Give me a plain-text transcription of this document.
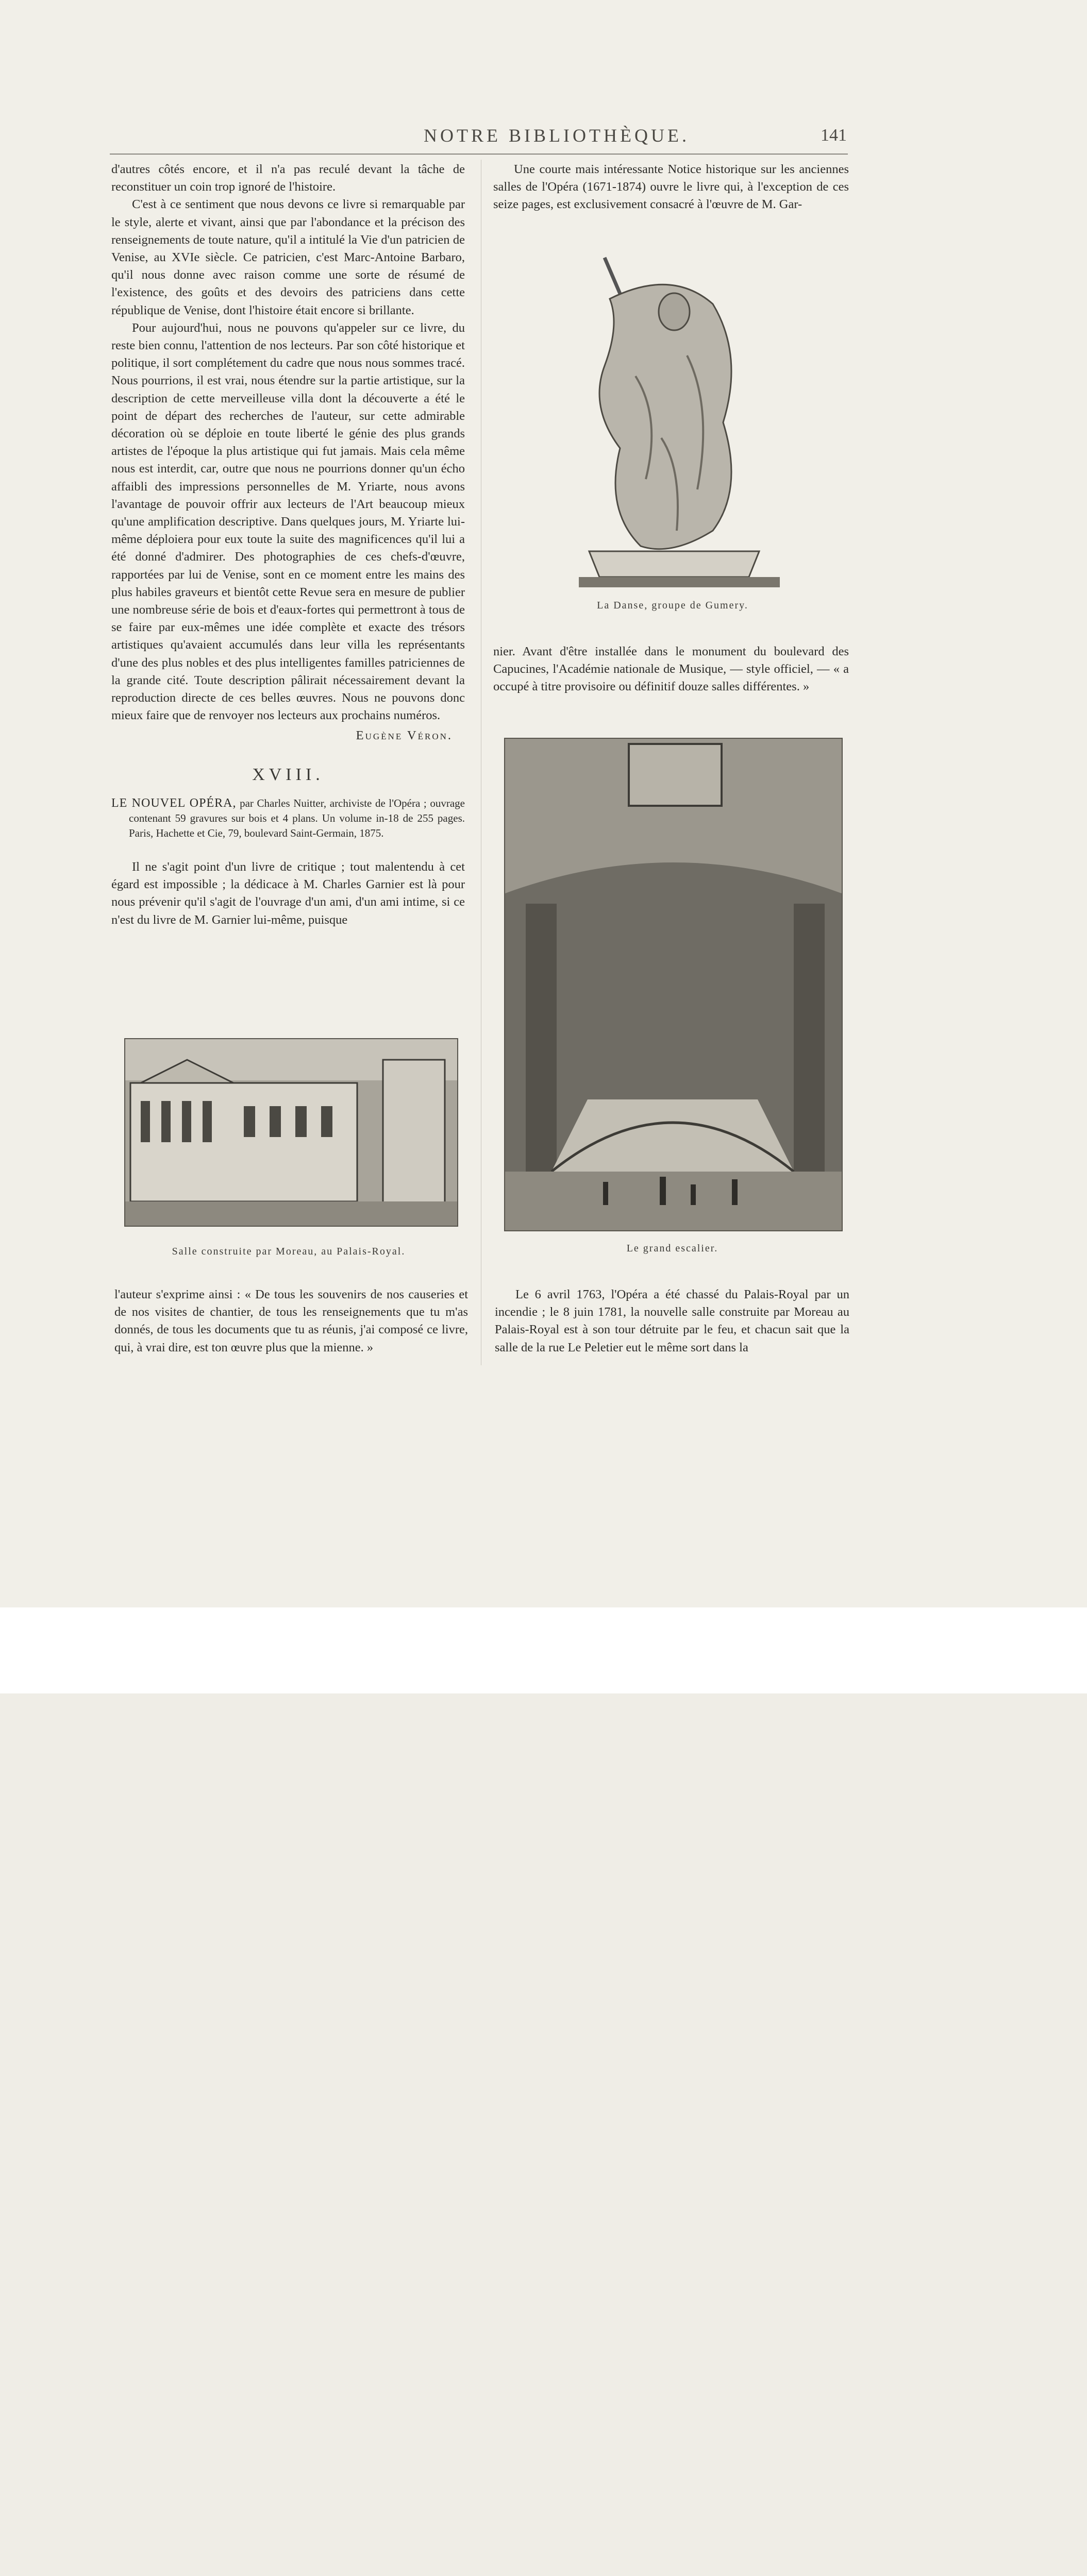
NOTRE BIBLIOTHÈQUE.	141

d'autres côtés encore, et il n'a pas reculé devant la tâche de reconstituer un coin trop ignoré de l'histoire.

C'est à ce sentiment que nous devons ce livre si remarquable par le style, alerte et vivant, ainsi que par l'abondance et la précison des renseignements de toute nature, qu'il a intitulé la Vie d'un patricien de Venise, au XVIe siècle. Ce patricien, c'est Marc-Antoine Barbaro, qu'il nous donne avec raison comme une sorte de résumé de l'existence, des goûts et des devoirs des patriciens dans cette république de Venise, dont l'histoire était encore si brillante.

Pour aujourd'hui, nous ne pouvons qu'appeler sur ce livre, du reste bien connu, l'attention de nos lecteurs. Par son côté historique et politique, il sort complétement du cadre que nous nous sommes tracé. Nous pourrions, il est vrai, nous étendre sur la partie artistique, sur la description de cette merveilleuse villa dont la découverte a été le point de départ des recherches de l'auteur, sur cette admirable décoration où se déploie en toute liberté le génie des plus grands artistes de l'époque la plus artistique qui fut jamais. Mais cela même nous est interdit, car, outre que nous ne pourrions donner qu'un écho affaibli des impressions personnelles de M. Yriarte, nous avons l'avantage de pouvoir offrir aux lecteurs de l'Art beaucoup mieux qu'une amplification descriptive. Dans quelques jours, M. Yriarte lui-même déploiera pour eux toute la suite des magnificences qu'il lui a été donné d'admirer. Des photographies de ces chefs-d'œuvre, rapportées par lui de Venise, sont en ce moment entre les mains des plus habiles graveurs et bientôt cette Revue sera en mesure de publier une nombreuse série de bois et d'eaux-fortes qui permettront à tous de se faire par eux-mêmes une idée complète et exacte des trésors artistiques qu'avaient accumulés dans leur villa les représentants d'une des plus nobles et des plus intelligentes familles patriciennes de la grande cité. Toute description pâlirait nécessairement devant la reproduction directe de ces belles œuvres. Nous ne pouvons donc mieux faire que de renvoyer nos lecteurs aux prochains numéros.

Eugène Véron.

XVIII.

LE NOUVEL OPÉRA, par Charles Nuitter, archiviste de l'Opéra ; ouvrage contenant 59 gravures sur bois et 4 plans. Un volume in-18 de 255 pages. Paris, Hachette et Cie, 79, boulevard Saint-Germain, 1875.

Il ne s'agit point d'un livre de critique ; tout malentendu à cet égard est impossible ; la dédicace à M. Charles Garnier est là pour nous prévenir qu'il s'agit de l'ouvrage d'un ami, d'un ami intime, si ce n'est du livre de M. Garnier lui-même, puisque

Une courte mais intéressante Notice historique sur les anciennes salles de l'Opéra (1671-1874) ouvre le livre qui, à l'exception de ces seize pages, est exclusivement consacré à l'œuvre de M. Gar-

La Danse, groupe de Gumery.

nier. Avant d'être installée dans le monument du boulevard des Capucines, l'Académie nationale de Musique, — style officiel, — « a occupé à titre provisoire ou définitif douze salles différentes. »

Le grand escalier.
Salle construite par Moreau, au Palais-Royal.

l'auteur s'exprime ainsi : « De tous les souvenirs de nos causeries et de nos visites de chantier, de tous les renseignements que tu m'as donnés, de tous les documents que tu as réunis, j'ai composé ce livre, qui, à vrai dire, est ton œuvre plus que la mienne. »

Le 6 avril 1763, l'Opéra a été chassé du Palais-Royal par un incendie ; le 8 juin 1781, la nouvelle salle construite par Moreau au Palais-Royal est à son tour détruite par le feu, et chacun sait que la salle de la rue Le Peletier eut le même sort dans la
